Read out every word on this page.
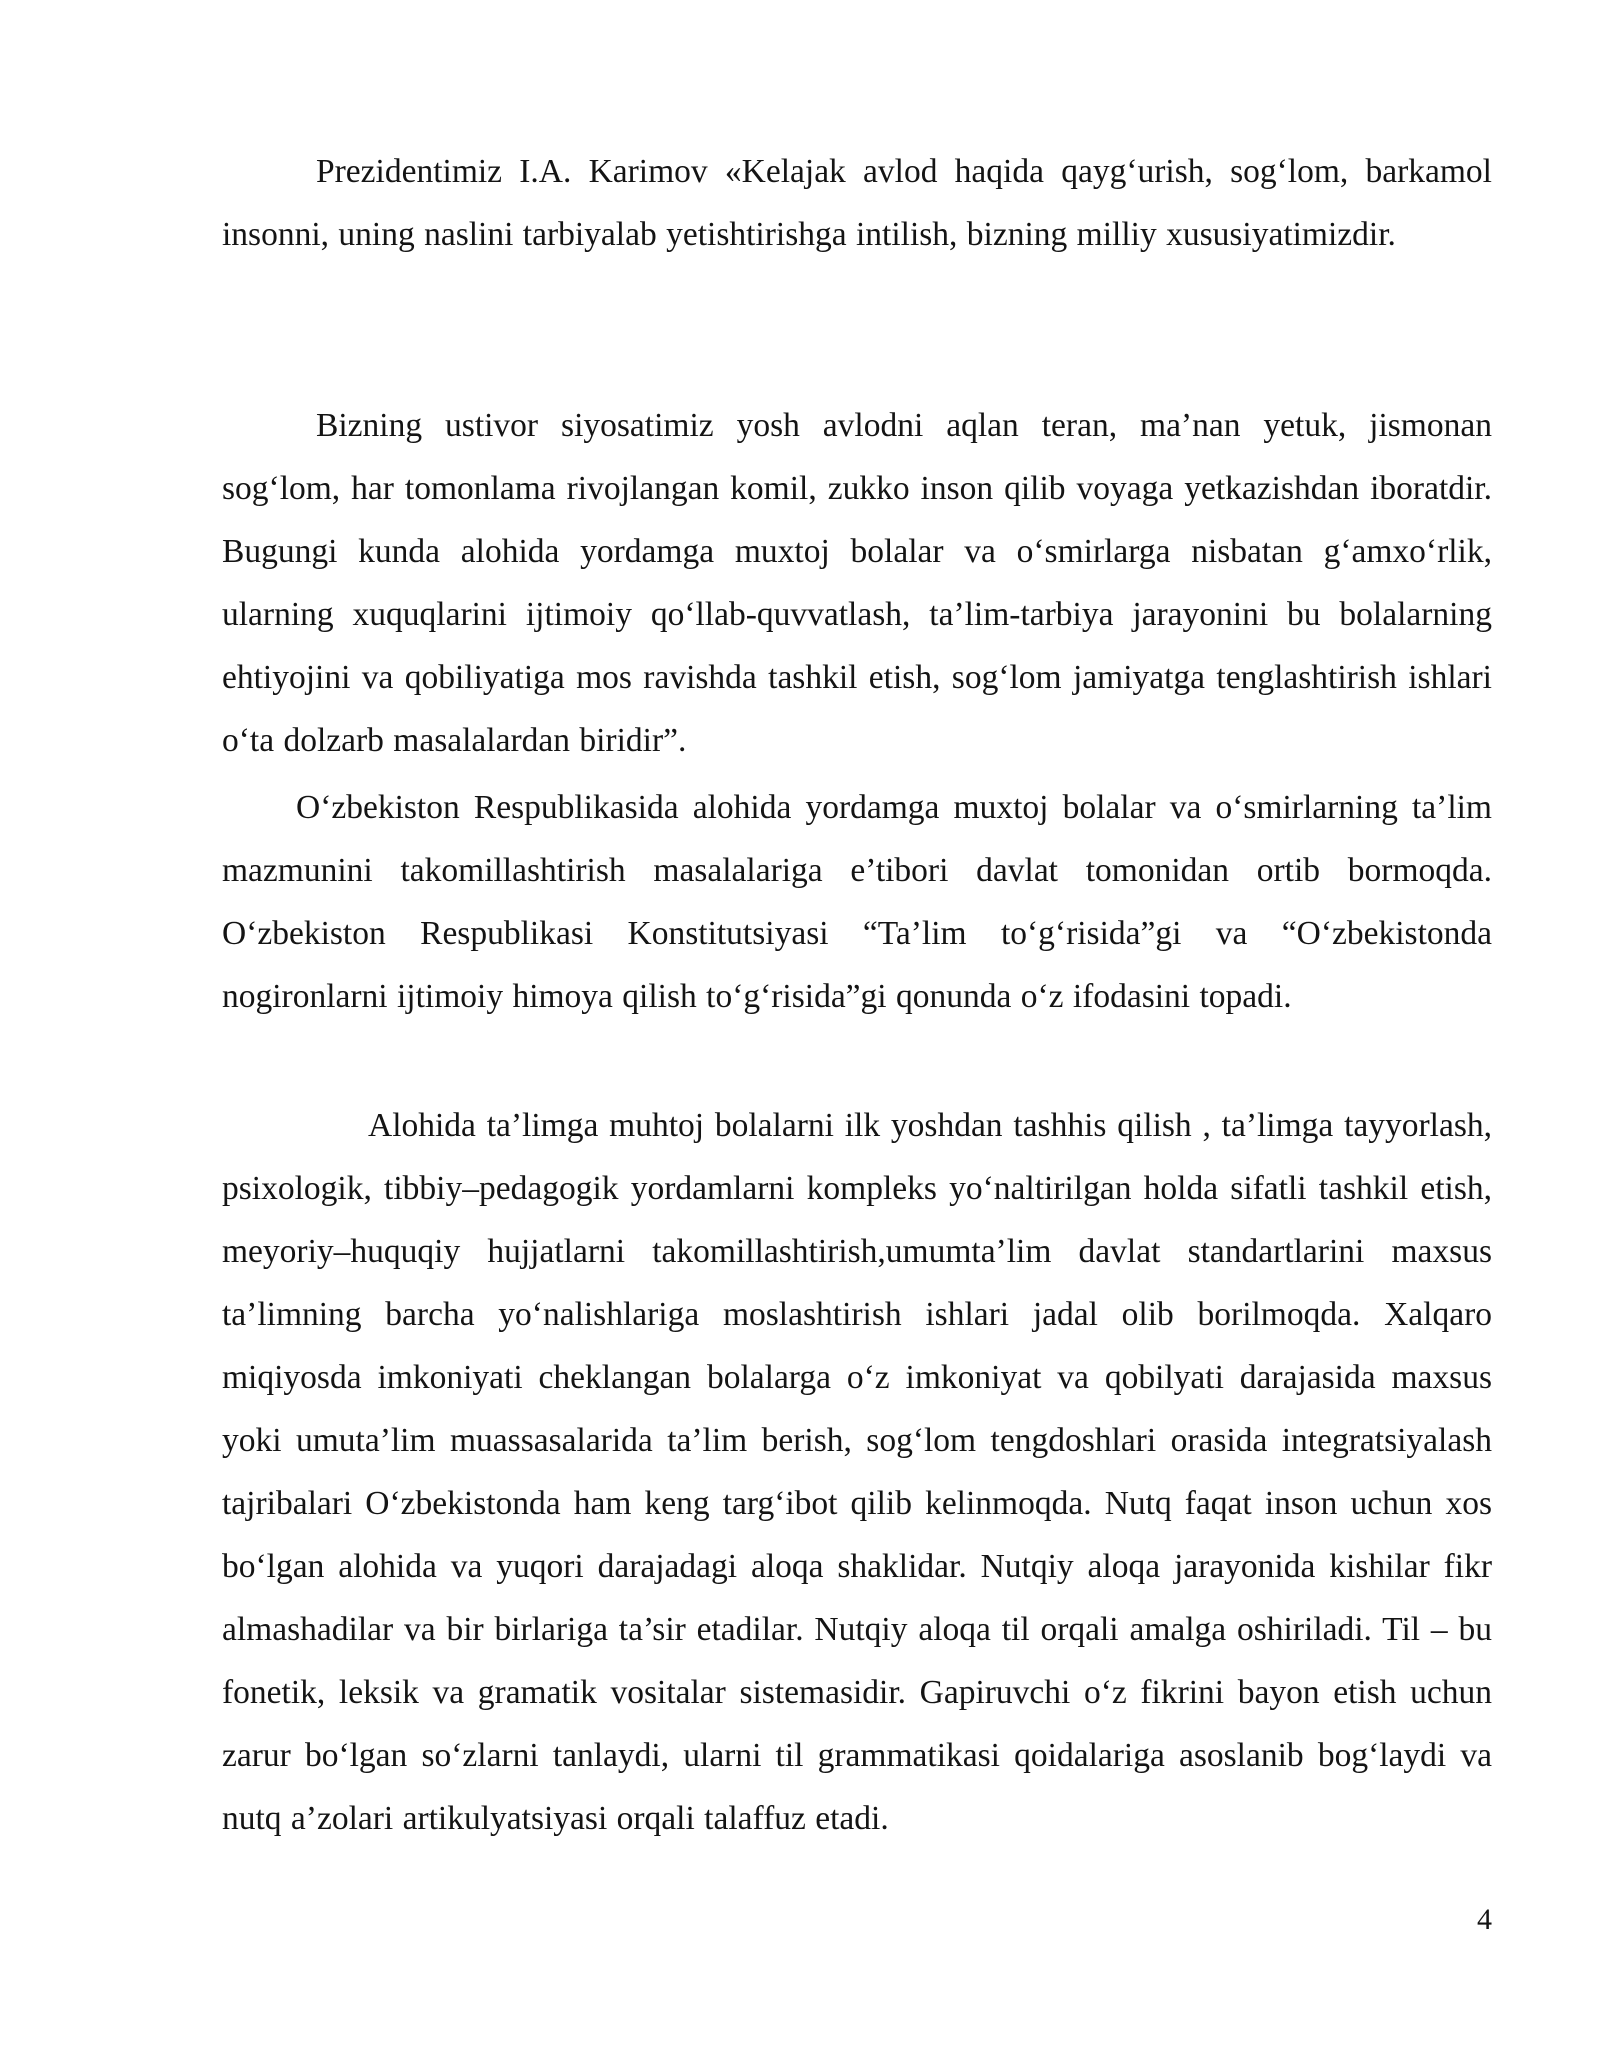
Prezidentimiz I.A. Karimov «Kelajak avlod haqida qayg‘urish, sog‘lom, barkamol insonni, uning naslini tarbiyalab yetishtirishga intilish, bizning milliy xususiyatimizdir.

Bizning ustivor siyosatimiz yosh avlodni aqlan teran, ma’nan yetuk, jismonan sog‘lom, har tomonlama rivojlangan komil, zukko inson qilib voyaga yetkazishdan iboratdir. Bugungi kunda alohida yordamga muxtoj bolalar va o‘smirlarga nisbatan g‘amxo‘rlik, ularning xuquqlarini ijtimoiy qo‘llab-quvvatlash, ta’lim-tarbiya jarayonini bu bolalarning ehtiyojini va qobiliyatiga mos ravishda tashkil etish, sog‘lom jamiyatga tenglashtirish ishlari o‘ta dolzarb masalalardan biridir”.

O‘zbekiston Respublikasida alohida yordamga muxtoj bolalar va o‘smirlarning ta’lim mazmunini takomillashtirish masalalariga e’tibori davlat tomonidan ortib bormoqda. O‘zbekiston Respublikasi Konstitutsiyasi “Ta’lim to‘g‘risida”gi va “O‘zbekistonda nogironlarni ijtimoiy himoya qilish to‘g‘risida”gi qonunda o‘z ifodasini topadi.

Alohida ta’limga muhtoj bolalarni ilk yoshdan tashhis qilish , ta’limga tayyorlash, psixologik, tibbiy–pedagogik yordamlarni kompleks yo‘naltirilgan holda sifatli tashkil etish, meyoriy–huquqiy hujjatlarni takomillashtirish,umumta’lim davlat standartlarini maxsus ta’limning barcha yo‘nalishlariga moslashtirish ishlari jadal olib borilmoqda. Xalqaro miqiyosda imkoniyati cheklangan bolalarga o‘z imkoniyat va qobilyati darajasida maxsus yoki umuta’lim muassasalarida ta’lim berish, sog‘lom tengdoshlari orasida integratsiyalash tajribalari O‘zbekistonda ham keng targ‘ibot qilib kelinmoqda. Nutq faqat inson uchun xos bo‘lgan alohida va yuqori darajadagi aloqa shaklidar. Nutqiy aloqa jarayonida kishilar fikr almashadilar va bir birlariga ta’sir etadilar. Nutqiy aloqa til orqali amalga oshiriladi. Til – bu fonetik, leksik va gramatik vositalar sistemasidir. Gapiruvchi o‘z fikrini bayon etish uchun zarur bo‘lgan so‘zlarni tanlaydi, ularni til grammatikasi qoidalariga asoslanib bog‘laydi va nutq a’zolari artikulyatsiyasi orqali talaffuz etadi.

4
